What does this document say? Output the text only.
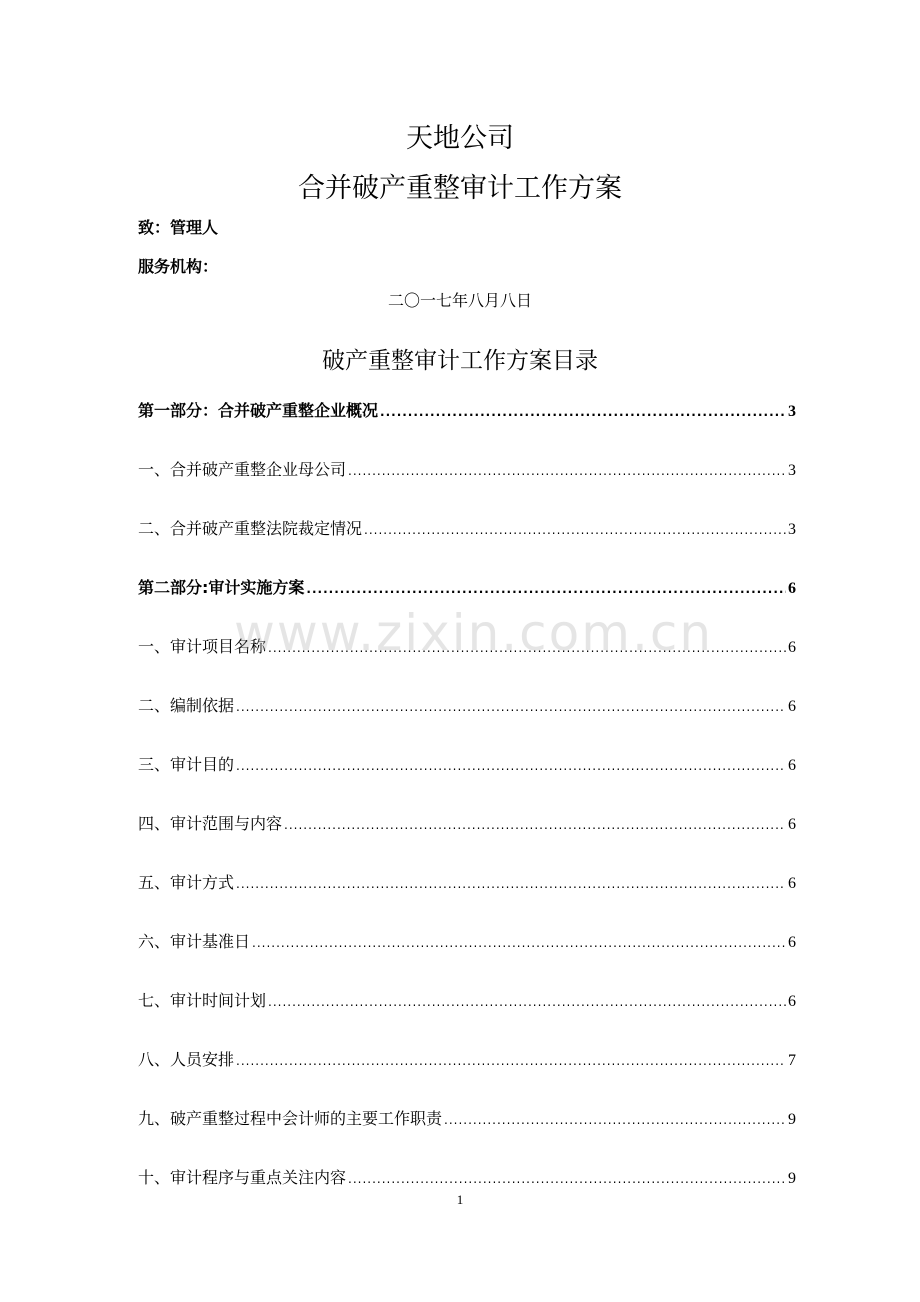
天地公司
合并破产重整审计工作方案
致：管理人
服务机构：
二〇一七年八月八日
破产重整审计工作方案目录
第一部分：合并破产重整企业概况 .....	3
一、合并破产重整企业母公司 .....	3
二、合并破产重整法院裁定情况 .....	3
第二部分:审计实施方案 .....	6
一、审计项目名称 .....	6
二、编制依据 .....	6
三、审计目的 .....	6
四、审计范围与内容 .....	6
五、审计方式 .....	6
六、审计基准日 .....	6
七、审计时间计划 .....	6
八、人员安排 .....	7
九、破产重整过程中会计师的主要工作职责 .....	9
十、审计程序与重点关注内容 .....	9
www.zixin.com.cn
1
